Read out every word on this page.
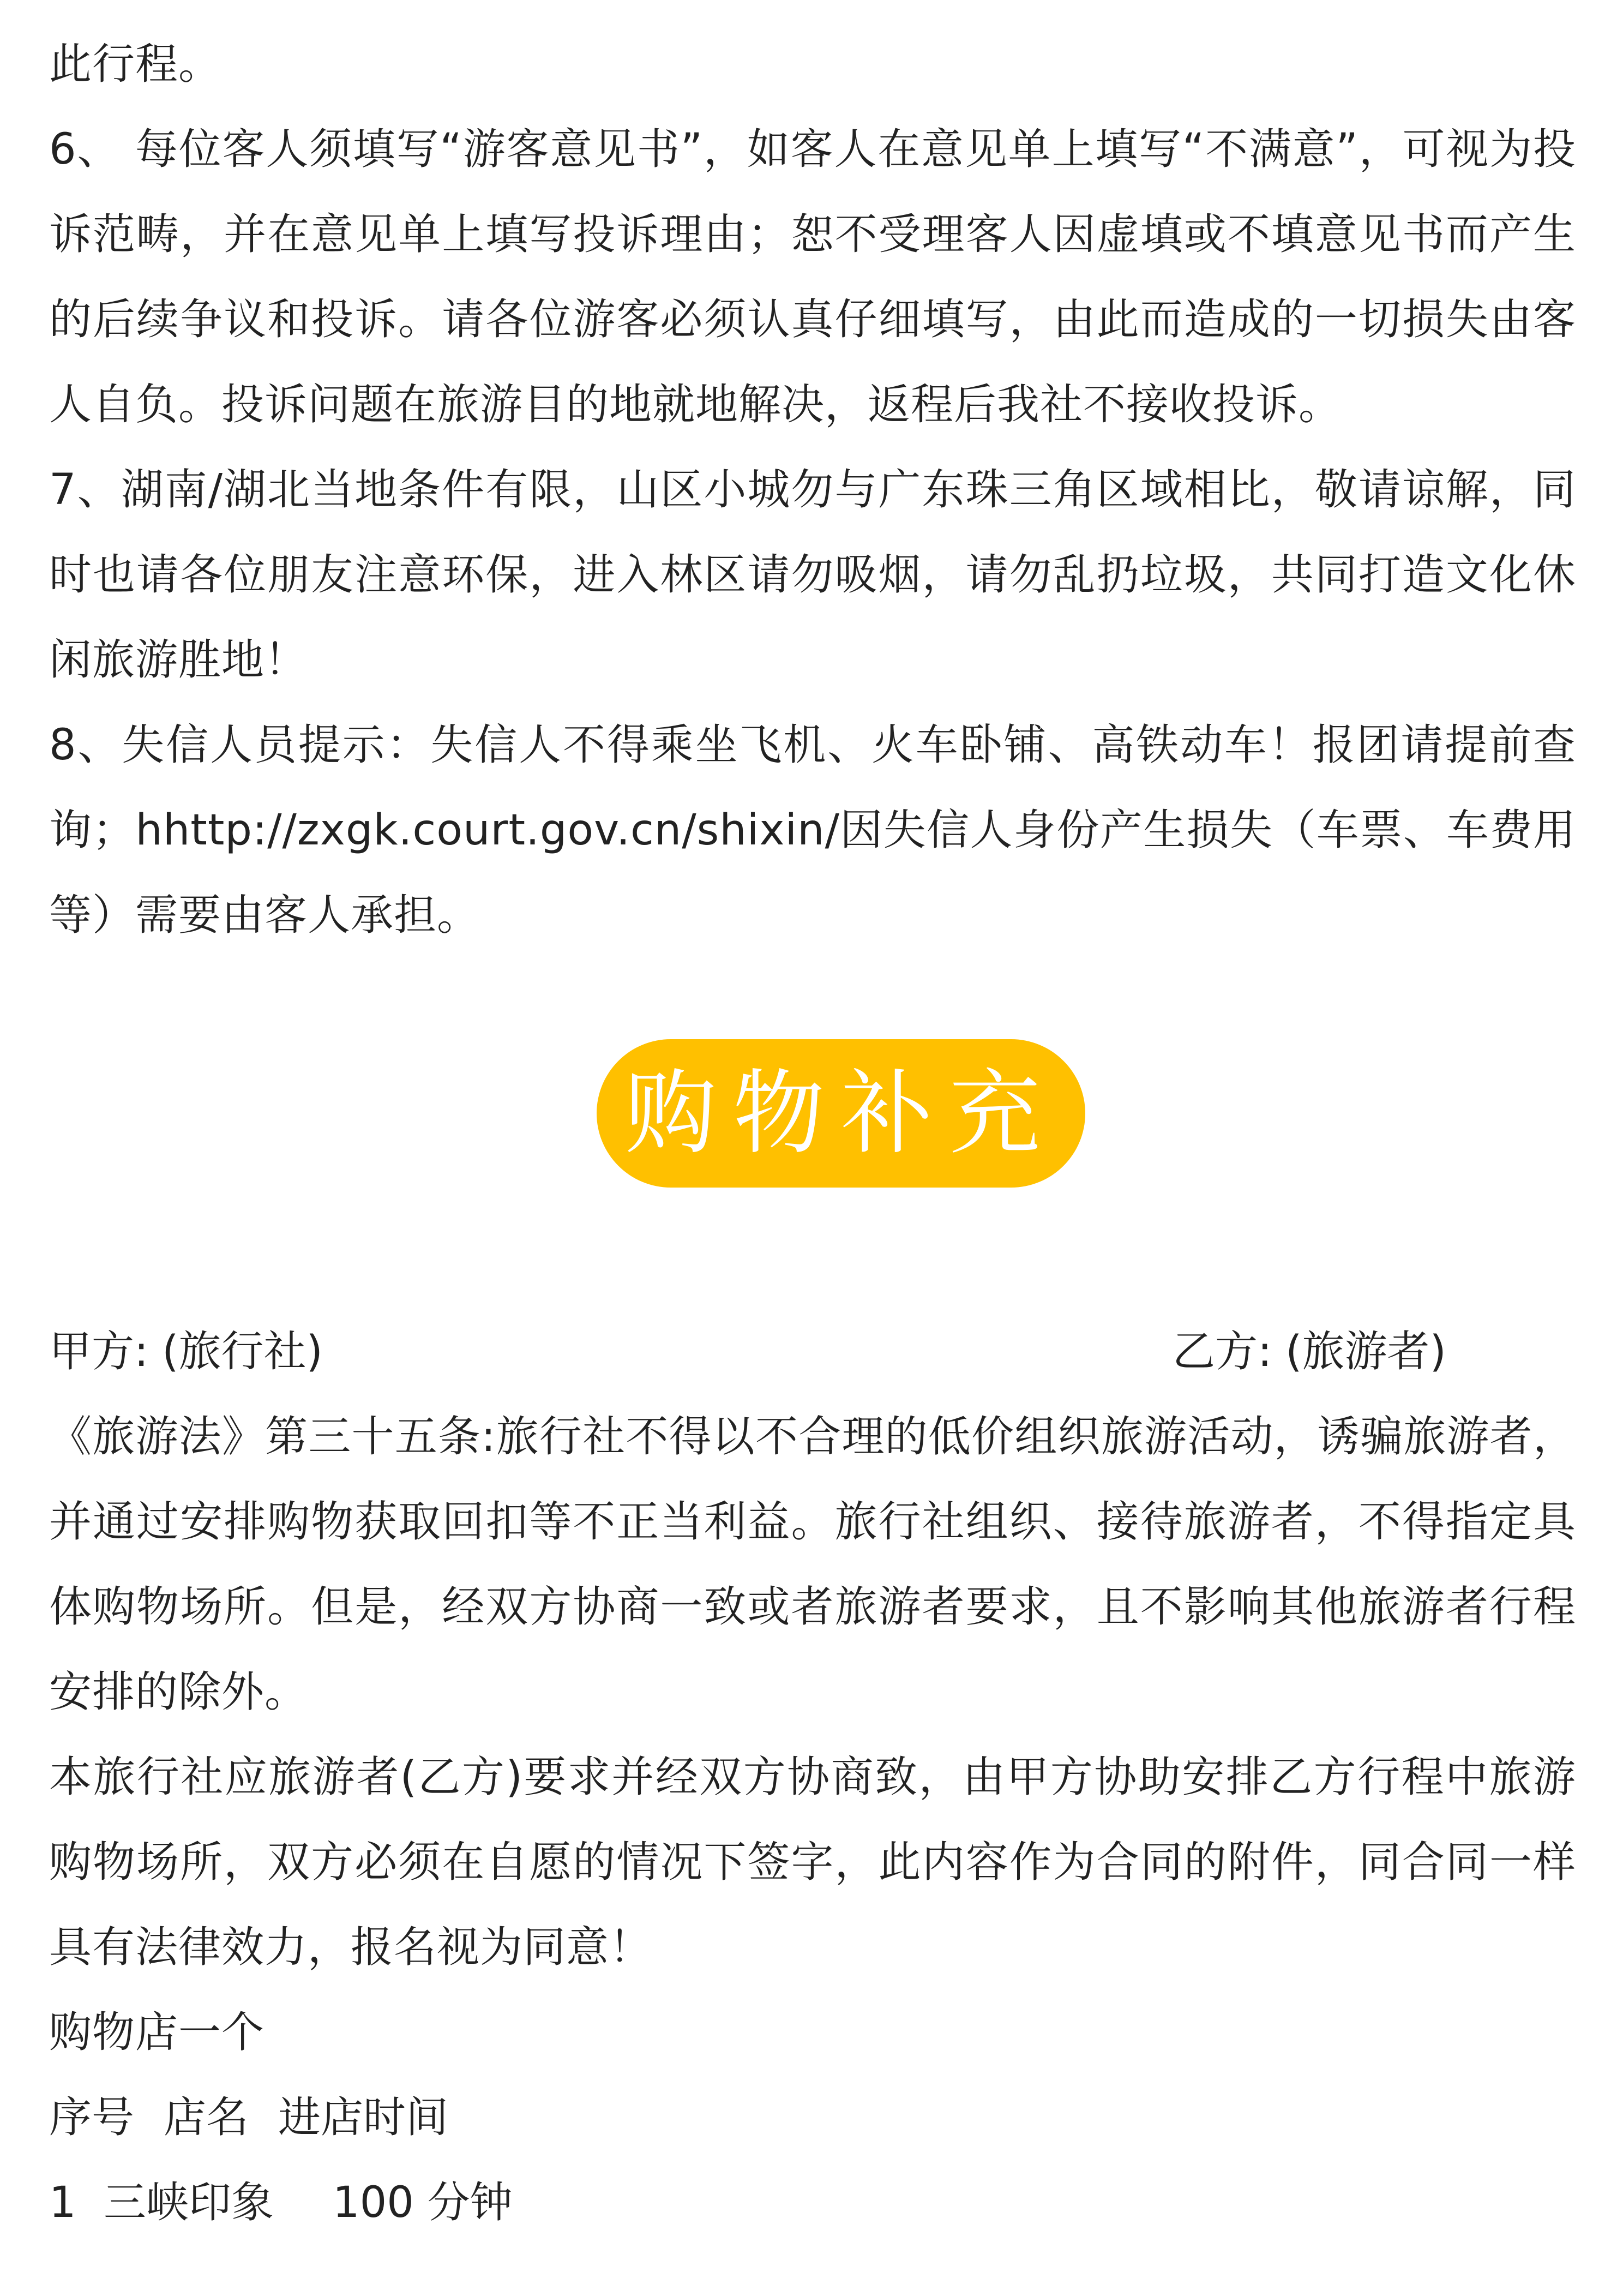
此行程。

6、 每位客人须填写“游客意见书”，如客人在意见单上填写“不满意”，可视为投诉范畴，并在意见单上填写投诉理由；恕不受理客人因虚填或不填意见书而产生的后续争议和投诉。请各位游客必须认真仔细填写，由此而造成的一切损失由客人自负。投诉问题在旅游目的地就地解决，返程后我社不接收投诉。

7、湖南/湖北当地条件有限，山区小城勿与广东珠三角区域相比，敬请谅解，同时也请各位朋友注意环保，进入林区请勿吸烟，请勿乱扔垃圾，共同打造文化休闲旅游胜地！

8、失信人员提示：失信人不得乘坐飞机、火车卧铺、高铁动车！报团请提前查询；hhttp://zxgk.court.gov.cn/shixin/因失信人身份产生损失（车票、车费用等）需要由客人承担。

购物补充
甲方: (旅行社)	乙方: (旅游者)

《旅游法》第三十五条:旅行社不得以不合理的低价组织旅游活动，诱骗旅游者，并通过安排购物获取回扣等不正当利益。旅行社组织、接待旅游者，不得指定具体购物场所。但是，经双方协商一致或者旅游者要求，且不影响其他旅游者行程安排的除外。

本旅行社应旅游者(乙方)要求并经双方协商致，由甲方协助安排乙方行程中旅游购物场所，双方必须在自愿的情况下签字，此内容作为合同的附件，同合同一样具有法律效力，报名视为同意！

购物店一个

序号 店名 进店时间
1 三峡印象 100 分钟
